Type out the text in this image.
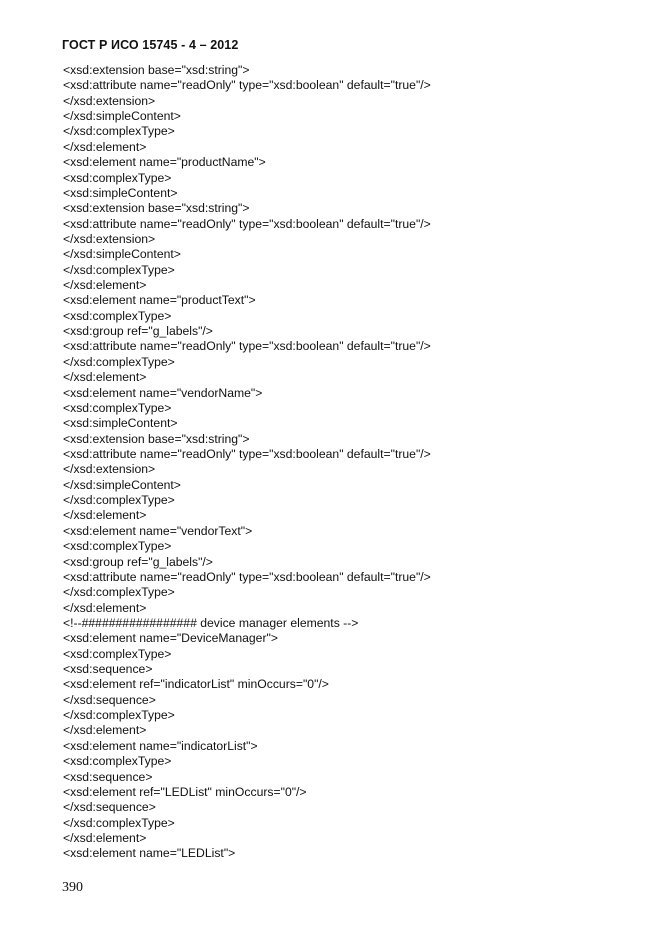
ГОСТ Р ИСО 15745 - 4 – 2012
<xsd:extension base="xsd:string">
<xsd:attribute name="readOnly" type="xsd:boolean" default="true"/>
</xsd:extension>
</xsd:simpleContent>
</xsd:complexType>
</xsd:element>
<xsd:element name="productName">
<xsd:complexType>
<xsd:simpleContent>
<xsd:extension base="xsd:string">
<xsd:attribute name="readOnly" type="xsd:boolean" default="true"/>
</xsd:extension>
</xsd:simpleContent>
</xsd:complexType>
</xsd:element>
<xsd:element name="productText">
<xsd:complexType>
<xsd:group ref="g_labels"/>
<xsd:attribute name="readOnly" type="xsd:boolean" default="true"/>
</xsd:complexType>
</xsd:element>
<xsd:element name="vendorName">
<xsd:complexType>
<xsd:simpleContent>
<xsd:extension base="xsd:string">
<xsd:attribute name="readOnly" type="xsd:boolean" default="true"/>
</xsd:extension>
</xsd:simpleContent>
</xsd:complexType>
</xsd:element>
<xsd:element name="vendorText">
<xsd:complexType>
<xsd:group ref="g_labels"/>
<xsd:attribute name="readOnly" type="xsd:boolean" default="true"/>
</xsd:complexType>
</xsd:element>
<!--################# device manager elements -->
<xsd:element name="DeviceManager">
<xsd:complexType>
<xsd:sequence>
<xsd:element ref="indicatorList" minOccurs="0"/>
</xsd:sequence>
</xsd:complexType>
</xsd:element>
<xsd:element name="indicatorList">
<xsd:complexType>
<xsd:sequence>
<xsd:element ref="LEDList" minOccurs="0"/>
</xsd:sequence>
</xsd:complexType>
</xsd:element>
<xsd:element name="LEDList">
390
